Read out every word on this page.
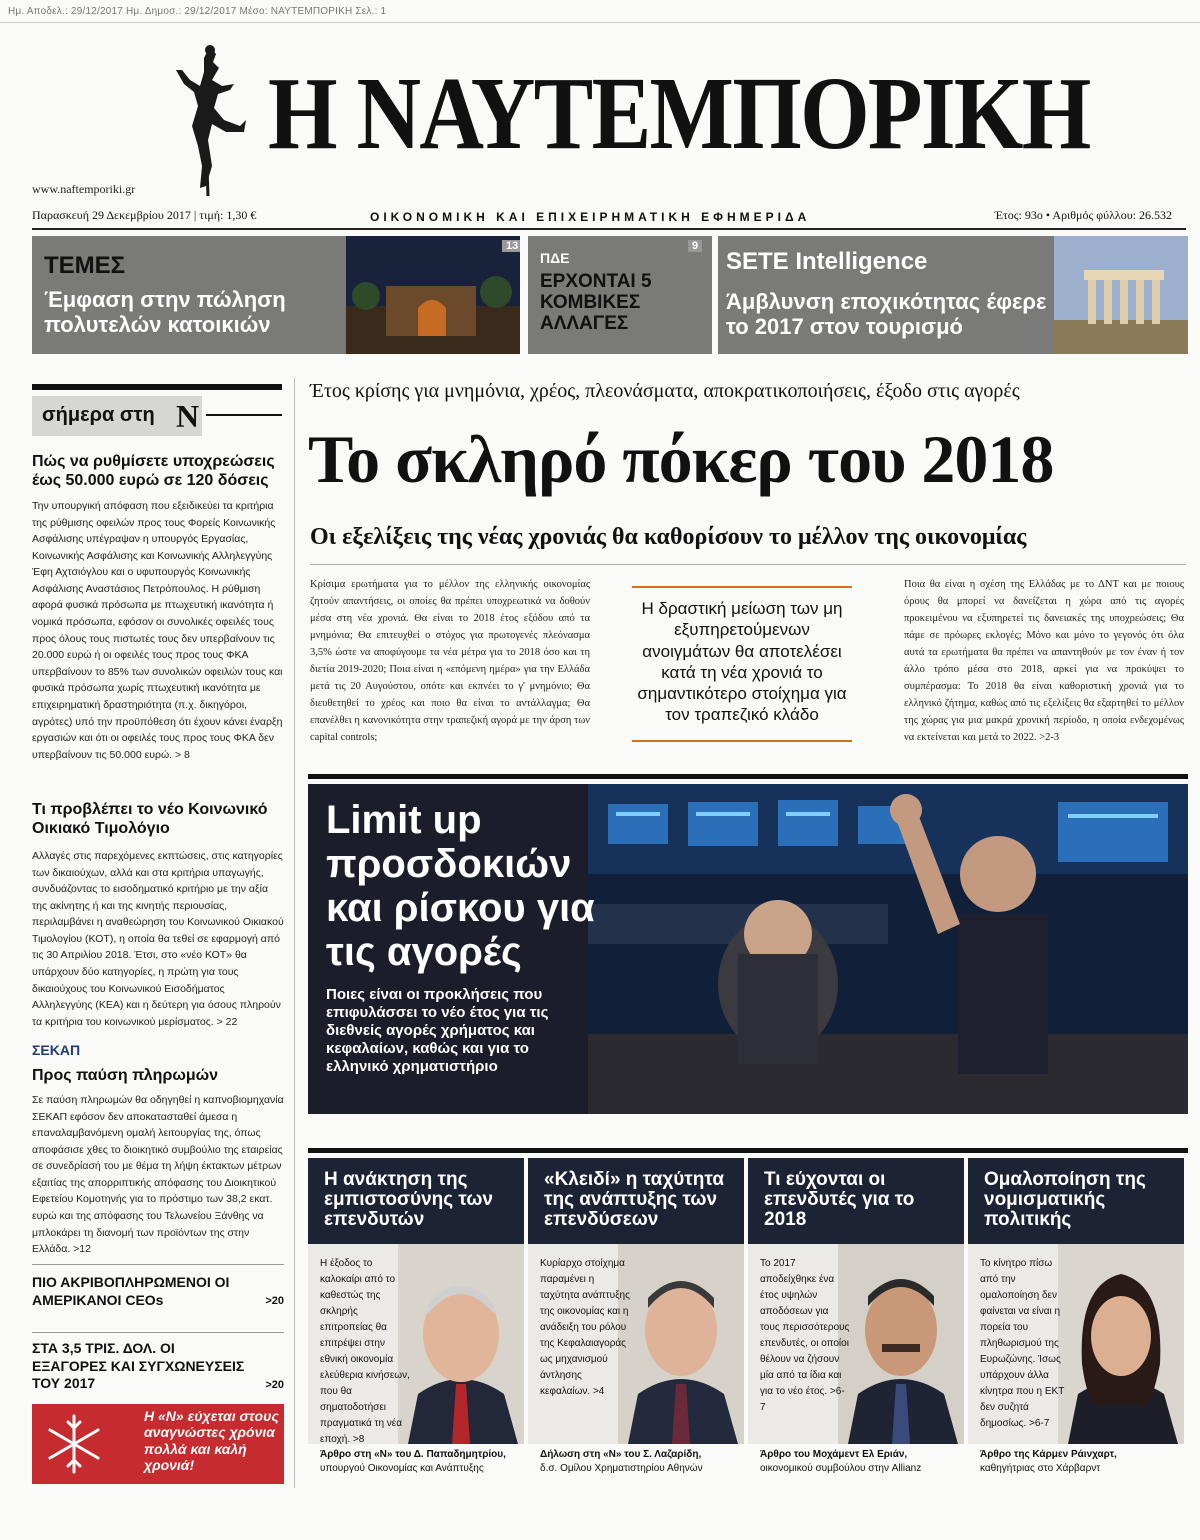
Ημ. Αποδελ.: 29/12/2017 Ημ. Δημοσ.: 29/12/2017 Μέσο: ΝΑΥΤΕΜΠΟΡΙΚΗ Σελ.: 1
Η ΝΑΥΤΕΜΠΟΡΙΚΗ
www.naftemporiki.gr
Παρασκευή 29 Δεκεμβρίου 2017 | τιμή: 1,30 €	ΟΙΚΟΝΟΜΙΚΗ ΚΑΙ ΕΠΙΧΕΙΡΗΜΑΤΙΚΗ ΕΦΗΜΕΡΙΔΑ	Έτος: 93ο • Αριθμός φύλλου: 26.532
13
ΤΕΜΕΣ
Έμφαση στην πώληση πολυτελών κατοικιών
9
ΠΔΕ
ΕΡΧΟΝΤΑΙ 5 ΚΟΜΒΙΚΕΣ ΑΛΛΑΓΕΣ
SETE Intelligence
Άμβλυνση εποχικότητας έφερε το 2017 στον τουρισμό
σήμερα στη Ν
Πώς να ρυθμίσετε υποχρεώσεις έως 50.000 ευρώ σε 120 δόσεις
Την υπουργική απόφαση που εξειδικεύει τα κριτήρια της ρύθμισης οφειλών προς τους Φορείς Κοινωνικής Ασφάλισης υπέγραψαν η υπουργός Εργασίας, Κοινωνικής Ασφάλισης και Κοινωνικής Αλληλεγγύης Έφη Αχτσιόγλου και ο υφυπουργός Κοινωνικής Ασφάλισης Αναστάσιος Πετρόπουλος. Η ρύθμιση αφορά φυσικά πρόσωπα με πτωχευτική ικανότητα ή νομικά πρόσωπα, εφόσον οι συνολικές οφειλές τους προς όλους τους πιστωτές τους δεν υπερβαίνουν τις 20.000 ευρώ ή οι οφειλές τους προς τους ΦΚΑ υπερβαίνουν το 85% των συνολικών οφειλών τους και φυσικά πρόσωπα χωρίς πτωχευτική ικανότητα με επιχειρηματική δραστηριότητα (π.χ. δικηγόροι, αγρότες) υπό την προϋπόθεση ότι έχουν κάνει έναρξη εργασιών και ότι οι οφειλές τους προς τους ΦΚΑ δεν υπερβαίνουν τις 50.000 ευρώ. > 8
Τι προβλέπει το νέο Κοινωνικό Οικιακό Τιμολόγιο
Αλλαγές στις παρεχόμενες εκπτώσεις, στις κατηγορίες των δικαιούχων, αλλά και στα κριτήρια υπαγωγής, συνδυάζοντας το εισοδηματικό κριτήριο με την αξία της ακίνητης ή και της κινητής περιουσίας, περιλαμβάνει η αναθεώρηση του Κοινωνικού Οικιακού Τιμολογίου (ΚΟΤ), η οποία θα τεθεί σε εφαρμογή από τις 30 Απριλίου 2018. Έτσι, στο «νέο ΚΟΤ» θα υπάρχουν δύο κατηγορίες, η πρώτη για τους δικαιούχους του Κοινωνικού Εισοδήματος Αλληλεγγύης (ΚΕΑ) και η δεύτερη για όσους πληρούν τα κριτήρια του κοινωνικού μερίσματος. > 22
ΣΕΚΑΠ
Προς παύση πληρωμών
Σε παύση πληρωμών θα οδηγηθεί η καπνοβιομηχανία ΣΕΚΑΠ εφόσον δεν αποκατασταθεί άμεσα η επαναλαμβανόμενη ομαλή λειτουργίας της, όπως αποφάσισε χθες το διοικητικό συμβούλιο της εταιρείας σε συνεδρίασή του με θέμα τη λήψη έκτακτων μέτρων εξαιτίας της απορριπτικής απόφασης του Διοικητικού Εφετείου Κομοτηνής για το πρόστιμο των 38,2 εκατ. ευρώ και της απόφασης του Τελωνείου Ξάνθης να μπλοκάρει τη διανομή των προϊόντων της στην Ελλάδα. >12
ΠΙΟ ΑΚΡΙΒΟΠΛΗΡΩΜΕΝΟΙ ΟΙ ΑΜΕΡΙΚΑΝΟΙ CEOs	>20
ΣΤΑ 3,5 ΤΡΙΣ. ΔΟΛ. ΟΙ ΕΞΑΓΟΡΕΣ ΚΑΙ ΣΥΓΧΩΝΕΥΣΕΙΣ ΤΟΥ 2017	>20
Η «Ν» εύχεται στους αναγνώστες χρόνια πολλά και καλή χρονιά!
Έτος κρίσης για μνημόνια, χρέος, πλεονάσματα, αποκρατικοποιήσεις, έξοδο στις αγορές
Το σκληρό πόκερ του 2018
Οι εξελίξεις της νέας χρονιάς θα καθορίσουν το μέλλον της οικονομίας
Κρίσιμα ερωτήματα για το μέλλον της ελληνικής οικονομίας ζητούν απαντήσεις, οι οποίες θα πρέπει υποχρεωτικά να δοθούν μέσα στη νέα χρονιά. Θα είναι το 2018 έτος εξόδου από τα μνημόνια; Θα επιτευχθεί ο στόχος για πρωτογενές πλεόνασμα 3,5% ώστε να αποφύγουμε τα νέα μέτρα για το 2018 όσο και τη διετία 2019-2020; Ποια είναι η «επόμενη ημέρα» για την Ελλάδα μετά τις 20 Αυγούστου, οπότε και εκπνέει το γ' μνημόνιο; Θα διευθετηθεί το χρέος και ποιο θα είναι το αντάλλαγμα; Θα επανέλθει η κανονικότητα στην τραπεζική αγορά με την άρση των capital controls;
Η δραστική μείωση των μη εξυπηρετούμενων ανοιγμάτων θα αποτελέσει κατά τη νέα χρονιά το σημαντικότερο στοίχημα για τον τραπεζικό κλάδο
Ποια θα είναι η σχέση της Ελλάδας με το ΔΝΤ και με ποιους όρους θα μπορεί να δανείζεται η χώρα από τις αγορές προκειμένου να εξυπηρετεί τις δανειακές της υποχρεώσεις; Θα πάμε σε πρόωρες εκλογές; Μόνο και μόνο το γεγονός ότι όλα αυτά τα ερωτήματα θα πρέπει να απαντηθούν με τον έναν ή τον άλλο τρόπο μέσα στο 2018, αρκεί για να προκύψει το συμπέρασμα: Το 2018 θα είναι καθοριστική χρονιά για το ελληνικό ζήτημα, καθώς από τις εξελίξεις θα εξαρτηθεί το μέλλον της χώρας για μια μακρά χρονική περίοδο, η οποία ενδεχομένως να εκτείνεται και μετά το 2022. >2-3
Limit up προσδοκιών και ρίσκου για τις αγορές
Ποιες είναι οι προκλήσεις που επιφυλάσσει το νέο έτος για τις διεθνείς αγορές χρήματος και κεφαλαίων, καθώς και για το ελληνικό χρηματιστήριο
Η ανάκτηση της εμπιστοσύνης των επενδυτών
Η έξοδος το καλοκαίρι από το καθεστώς της σκληρής επιτροπείας θα επιτρέψει στην εθνική οικονομία ελεύθερια κινήσεων, που θα σηματοδοτήσει πραγματικά τη νέα εποχή. >8
Άρθρο στη «Ν» του Δ. Παπαδημητρίου,
υπουργού Οικονομίας και Ανάπτυξης
«Κλειδί» η ταχύτητα της ανάπτυξης των επενδύσεων
Κυρίαρχο στοίχημα παραμένει η ταχύτητα ανάπτυξης της οικονομίας και η ανάδειξη του ρόλου της Κεφαλαιαγοράς ως μηχανισμού άντλησης κεφαλαίων. >4
Δήλωση στη «Ν» του Σ. Λαζαρίδη,
δ.σ. Ομίλου Χρηματιστηρίου Αθηνών
Τι εύχονται οι επενδυτές για το 2018
Το 2017 αποδείχθηκε ένα έτος υψηλών αποδόσεων για τους περισσότερους επενδυτές, οι οποίοι θέλουν να ζήσουν μία από τα ίδια και για το νέο έτος. >6-7
Άρθρο του Μοχάμεντ Ελ Εριάν,
οικονομικού συμβούλου στην Allianz
Ομαλοποίηση της νομισματικής πολιτικής
Το κίνητρο πίσω από την ομαλοποίηση δεν φαίνεται να είναι η πορεία του πληθωρισμού της Ευρωζώνης. Ίσως υπάρχουν άλλα κίνητρα που η ΕΚΤ δεν συζητά δημοσίως. >6-7
Άρθρο της Κάρμεν Ράινχαρτ,
καθηγήτριας στο Χάρβαρντ
